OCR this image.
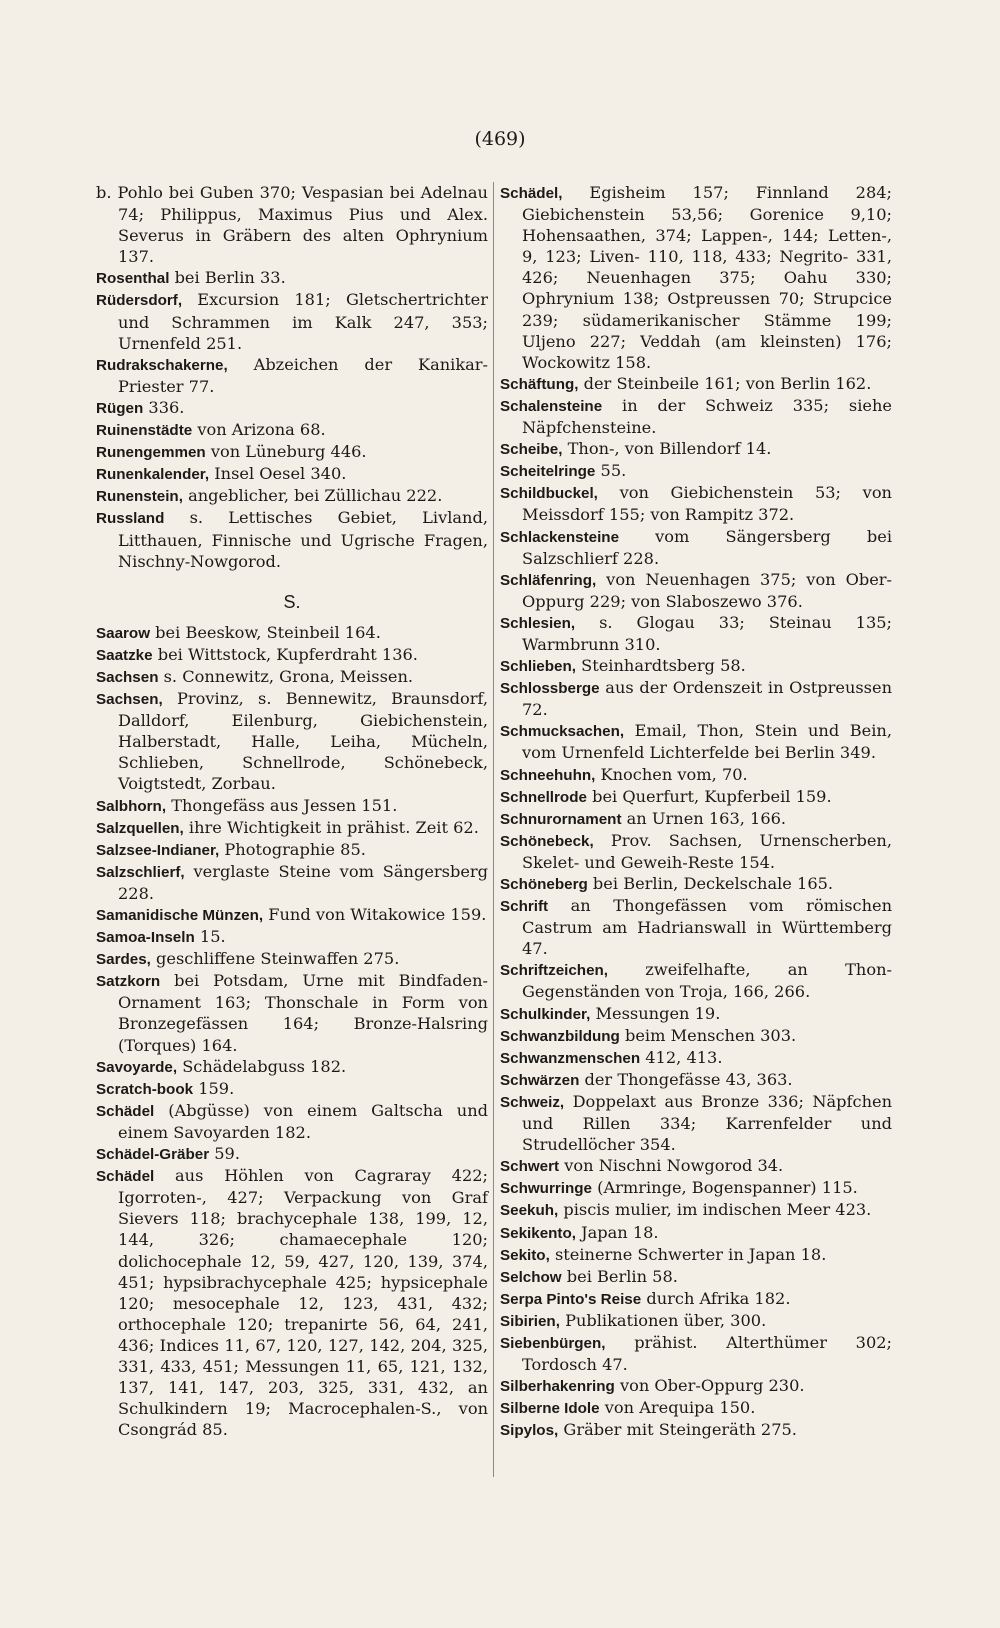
(469)
b. Pohlo bei Guben 370; Vespasian bei Adelnau 74; Philippus, Maximus Pius und Alex. Severus in Gräbern des alten Ophrynium 137.
Rosenthal bei Berlin 33.
Rüdersdorf, Excursion 181; Gletschertrichter und Schrammen im Kalk 247, 353; Urnenfeld 251.
Rudrakschakerne, Abzeichen der Kanikar-Priester 77.
Rügen 336.
Ruinenstädte von Arizona 68.
Runengemmen von Lüneburg 446.
Runenkalender, Insel Oesel 340.
Runenstein, angeblicher, bei Züllichau 222.
Russland s. Lettisches Gebiet, Livland, Litthauen, Finnische und Ugrische Fragen, Nischny-Nowgorod.
S.
Saarow bei Beeskow, Steinbeil 164.
Saatzke bei Wittstock, Kupferdraht 136.
Sachsen s. Connewitz, Grona, Meissen.
Sachsen, Provinz, s. Bennewitz, Braunsdorf, Dalldorf, Eilenburg, Giebichenstein, Halberstadt, Halle, Leiha, Mücheln, Schlieben, Schnellrode, Schönebeck, Voigtstedt, Zorbau.
Salbhorn, Thongefäss aus Jessen 151.
Salzquellen, ihre Wichtigkeit in prähist. Zeit 62.
Salzsee-Indianer, Photographie 85.
Salzschlierf, verglaste Steine vom Sängersberg 228.
Samanidische Münzen, Fund von Witakowice 159.
Samoa-Inseln 15.
Sardes, geschliffene Steinwaffen 275.
Satzkorn bei Potsdam, Urne mit Bindfaden-Ornament 163; Thonschale in Form von Bronzegefässen 164; Bronze-Halsring (Torques) 164.
Savoyarde, Schädelabguss 182.
Scratch-book 159.
Schädel (Abgüsse) von einem Galtscha und einem Savoyarden 182.
Schädel-Gräber 59.
Schädel aus Höhlen von Cagraray 422; Igorroten-, 427; Verpackung von Graf Sievers 118; brachycephale 138, 199, 12, 144, 326; chamaecephale 120; dolichocephale 12, 59, 427, 120, 139, 374, 451; hypsibrachycephale 425; hypsicephale 120; mesocephale 12, 123, 431, 432; orthocephale 120; trepanirte 56, 64, 241, 436; Indices 11, 67, 120, 127, 142, 204, 325, 331, 433, 451; Messungen 11, 65, 121, 132, 137, 141, 147, 203, 325, 331, 432, an Schulkindern 19; Macrocephalen-S., von Csongrád 85.
Schädel, Egisheim 157; Finnland 284; Giebichenstein 53,56; Gorenice 9,10; Hohensaathen, 374; Lappen-, 144; Letten-, 9, 123; Liven- 110, 118, 433; Negrito- 331, 426; Neuenhagen 375; Oahu 330; Ophrynium 138; Ostpreussen 70; Strupcice 239; südamerikanischer Stämme 199; Uljeno 227; Veddah (am kleinsten) 176; Wockowitz 158.
Schäftung, der Steinbeile 161; von Berlin 162.
Schalensteine in der Schweiz 335; siehe Näpfchensteine.
Scheibe, Thon-, von Billendorf 14.
Scheitelringe 55.
Schildbuckel, von Giebichenstein 53; von Meissdorf 155; von Rampitz 372.
Schlackensteine vom Sängersberg bei Salzschlierf 228.
Schläfenring, von Neuenhagen 375; von Ober-Oppurg 229; von Slaboszewo 376.
Schlesien, s. Glogau 33; Steinau 135; Warmbrunn 310.
Schlieben, Steinhardtsberg 58.
Schlossberge aus der Ordenszeit in Ostpreussen 72.
Schmucksachen, Email, Thon, Stein und Bein, vom Urnenfeld Lichterfelde bei Berlin 349.
Schneehuhn, Knochen vom, 70.
Schnellrode bei Querfurt, Kupferbeil 159.
Schnurornament an Urnen 163, 166.
Schönebeck, Prov. Sachsen, Urnenscherben, Skelet- und Geweih-Reste 154.
Schöneberg bei Berlin, Deckelschale 165.
Schrift an Thongefässen vom römischen Castrum am Hadrianswall in Württemberg 47.
Schriftzeichen, zweifelhafte, an Thon-Gegenständen von Troja, 166, 266.
Schulkinder, Messungen 19.
Schwanzbildung beim Menschen 303.
Schwanzmenschen 412, 413.
Schwärzen der Thongefässe 43, 363.
Schweiz, Doppelaxt aus Bronze 336; Näpfchen und Rillen 334; Karrenfelder und Strudellöcher 354.
Schwert von Nischni Nowgorod 34.
Schwurringe (Armringe, Bogenspanner) 115.
Seekuh, piscis mulier, im indischen Meer 423.
Sekikento, Japan 18.
Sekito, steinerne Schwerter in Japan 18.
Selchow bei Berlin 58.
Serpa Pinto's Reise durch Afrika 182.
Sibirien, Publikationen über, 300.
Siebenbürgen, prähist. Alterthümer 302; Tordosch 47.
Silberhakenring von Ober-Oppurg 230.
Silberne Idole von Arequipa 150.
Sipylos, Gräber mit Steingeräth 275.
